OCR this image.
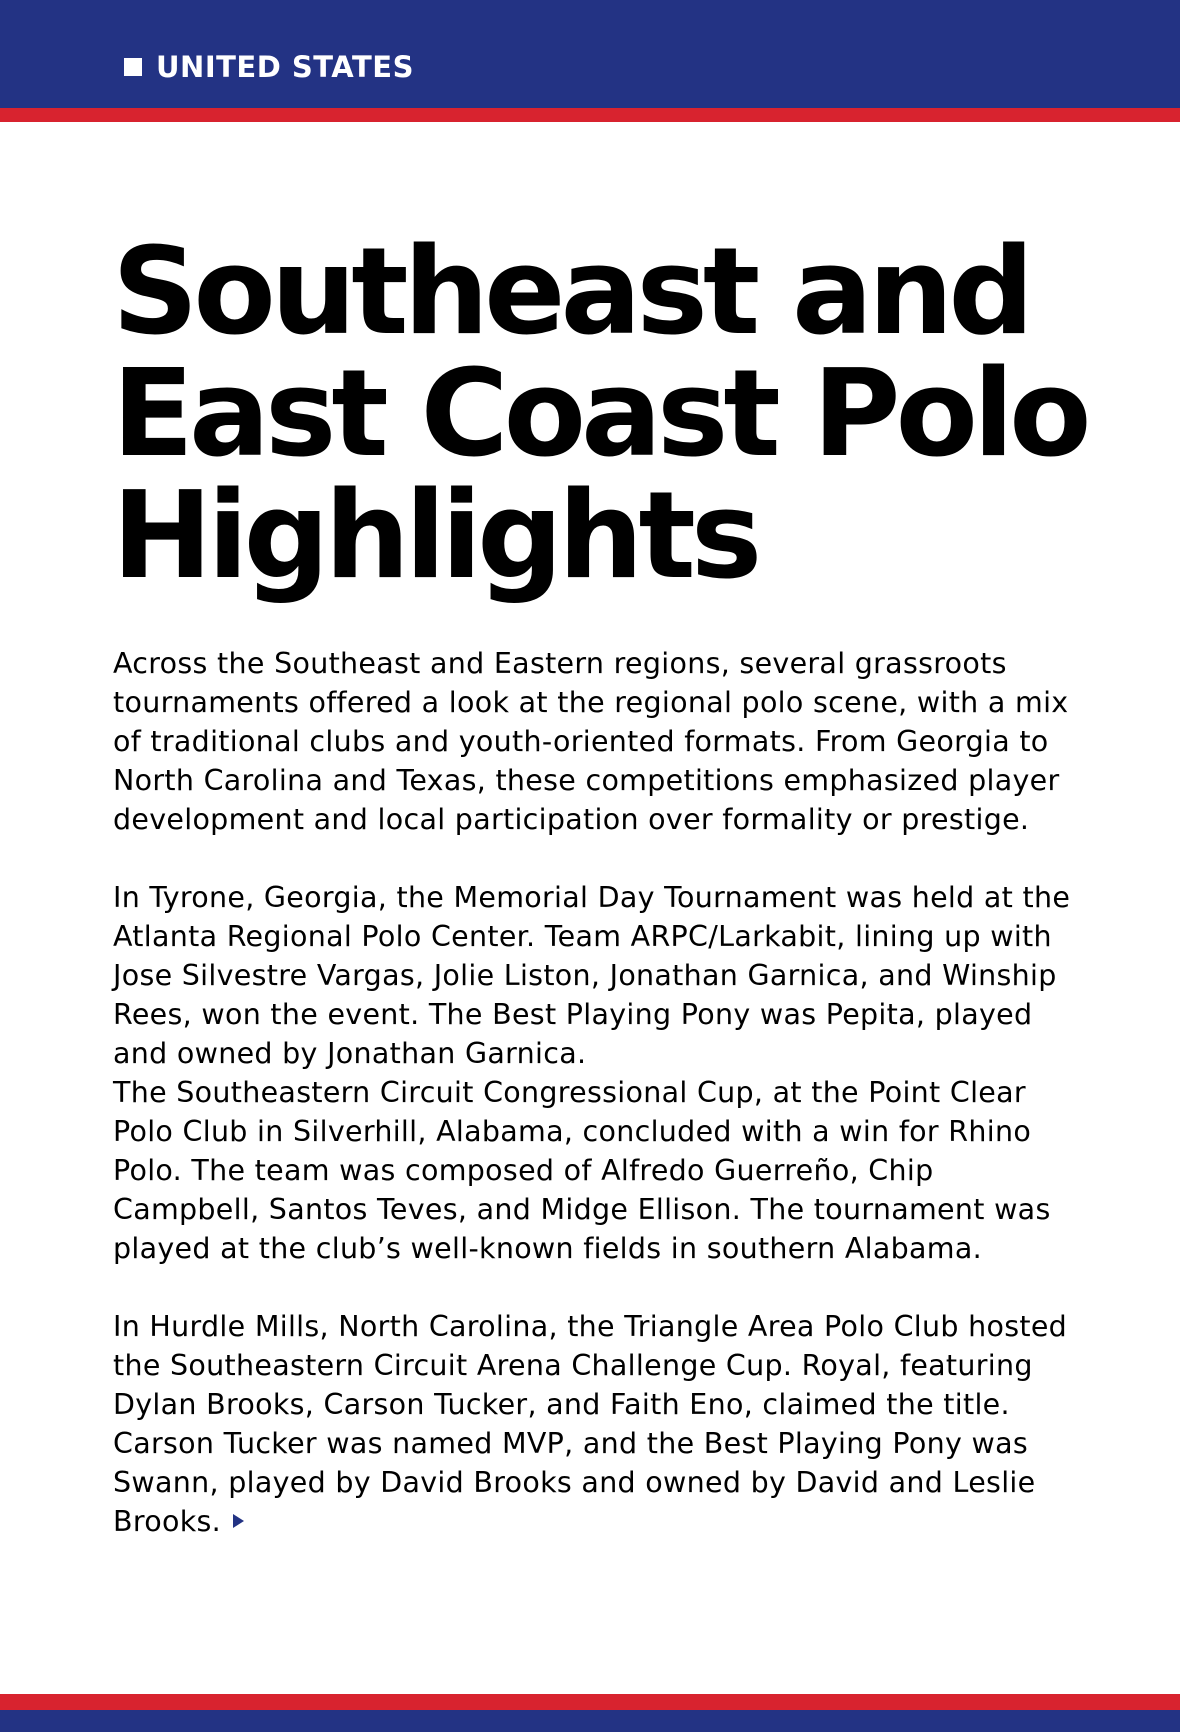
UNITED STATES
Southeast and
East Coast Polo
Highlights

Across the Southeast and Eastern regions, several grassroots tournaments offered a look at the regional polo scene, with a mix of traditional clubs and youth-oriented formats. From Georgia to North Carolina and Texas, these competitions emphasized player development and local participation over formality or prestige.

In Tyrone, Georgia, the Memorial Day Tournament was held at the Atlanta Regional Polo Center. Team ARPC/Larkabit, lining up with Jose Silvestre Vargas, Jolie Liston, Jonathan Garnica, and Winship Rees, won the event. The Best Playing Pony was Pepita, played and owned by Jonathan Garnica.

The Southeastern Circuit Congressional Cup, at the Point Clear Polo Club in Silverhill, Alabama, concluded with a win for Rhino Polo. The team was composed of Alfredo Guerreño, Chip Campbell, Santos Teves, and Midge Ellison. The tournament was played at the club’s well-known fields in southern Alabama.

In Hurdle Mills, North Carolina, the Triangle Area Polo Club hosted the Southeastern Circuit Arena Challenge Cup. Royal, featuring Dylan Brooks, Carson Tucker, and Faith Eno, claimed the title. Carson Tucker was named MVP, and the Best Playing Pony was Swann, played by David Brooks and owned by David and Leslie Brooks.
